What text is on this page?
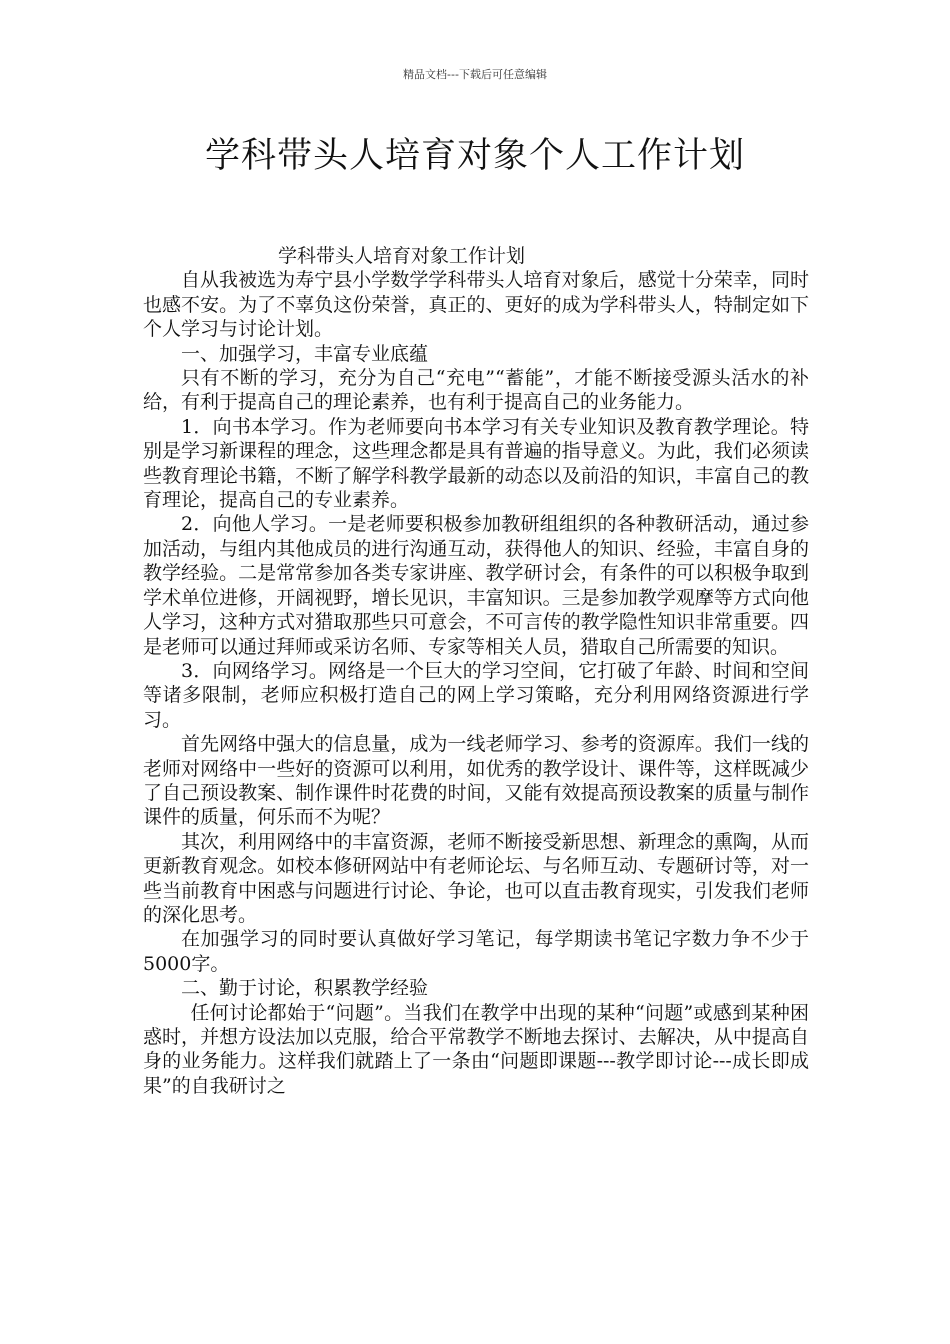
精品文档---下载后可任意编辑
学科带头人培育对象个人工作计划

学科带头人培育对象工作计划

自从我被选为寿宁县小学数学学科带头人培育对象后，感觉十分荣幸，同时也感不安。为了不辜负这份荣誉，真正的、更好的成为学科带头人，特制定如下个人学习与讨论计划。

一、加强学习，丰富专业底蕴

只有不断的学习，充分为自己“充电”“蓄能”，才能不断接受源头活水的补给，有利于提高自己的理论素养，也有利于提高自己的业务能力。

1．向书本学习。作为老师要向书本学习有关专业知识及教育教学理论。特别是学习新课程的理念，这些理念都是具有普遍的指导意义。为此，我们必须读些教育理论书籍，不断了解学科教学最新的动态以及前沿的知识，丰富自己的教育理论，提高自己的专业素养。

2．向他人学习。一是老师要积极参加教研组组织的各种教研活动，通过参加活动，与组内其他成员的进行沟通互动，获得他人的知识、经验，丰富自身的教学经验。二是常常参加各类专家讲座、教学研讨会，有条件的可以积极争取到学术单位进修，开阔视野，增长见识，丰富知识。三是参加教学观摩等方式向他人学习，这种方式对猎取那些只可意会，不可言传的教学隐性知识非常重要。四是老师可以通过拜师或采访名师、专家等相关人员，猎取自己所需要的知识。

3．向网络学习。网络是一个巨大的学习空间，它打破了年龄、时间和空间等诸多限制，老师应积极打造自己的网上学习策略，充分利用网络资源进行学习。

首先网络中强大的信息量，成为一线老师学习、参考的资源库。我们一线的老师对网络中一些好的资源可以利用，如优秀的教学设计、课件等，这样既减少了自己预设教案、制作课件时花费的时间，又能有效提高预设教案的质量与制作课件的质量，何乐而不为呢？

其次，利用网络中的丰富资源，老师不断接受新思想、新理念的熏陶，从而更新教育观念。如校本修研网站中有老师论坛、与名师互动、专题研讨等，对一些当前教育中困惑与问题进行讨论、争论，也可以直击教育现实，引发我们老师的深化思考。

在加强学习的同时要认真做好学习笔记，每学期读书笔记字数力争不少于5000字。

二、勤于讨论，积累教学经验

任何讨论都始于“问题”。当我们在教学中出现的某种“问题”或感到某种困惑时，并想方设法加以克服，给合平常教学不断地去探讨、去解决，从中提高自身的业务能力。这样我们就踏上了一条由“问题即课题---教学即讨论---成长即成果”的自我研讨之
